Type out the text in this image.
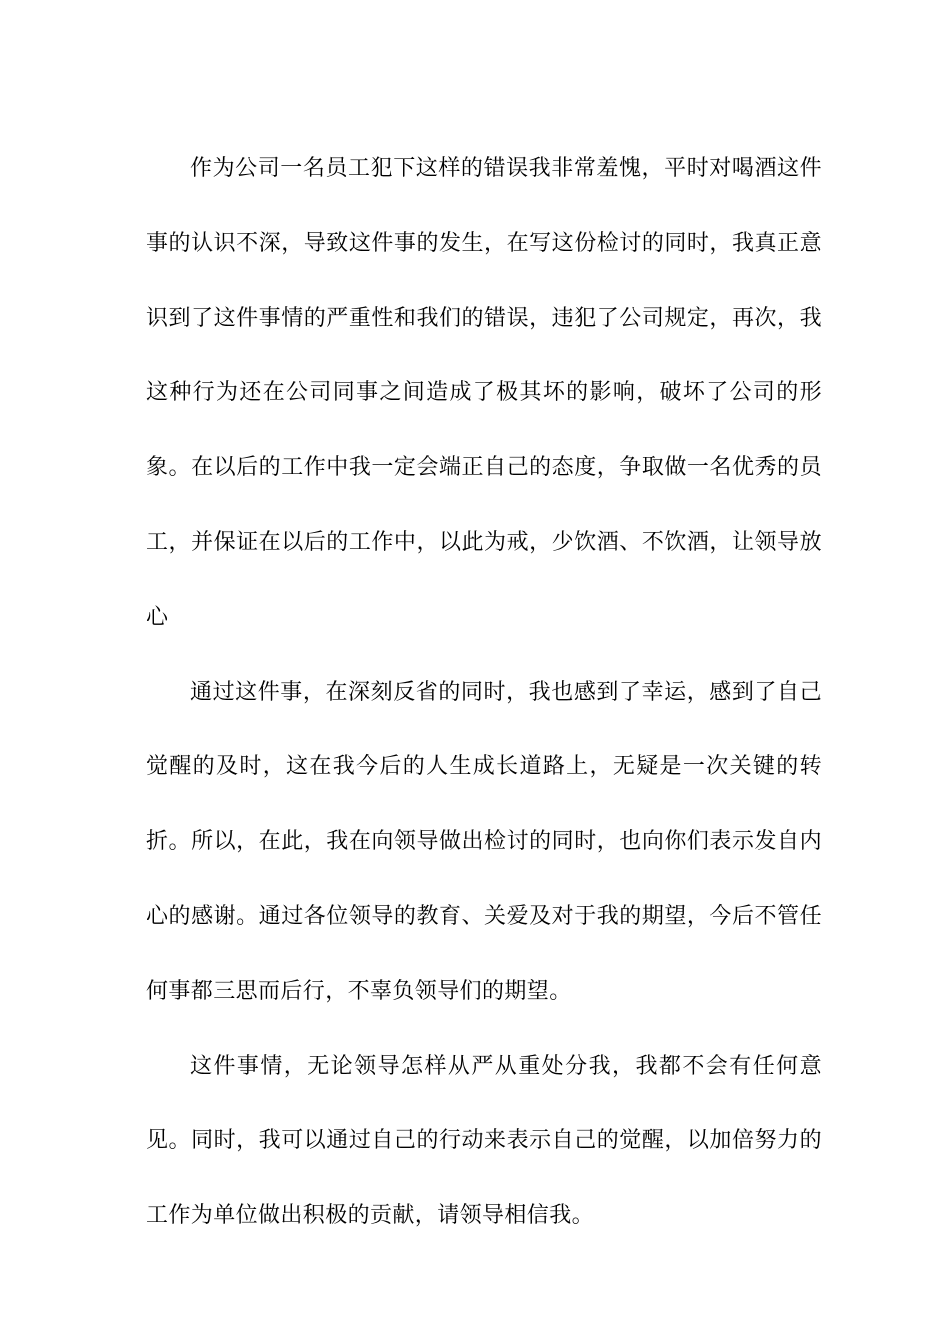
作为公司一名员工犯下这样的错误我非常羞愧，平时对喝酒这件事的认识不深，导致这件事的发生，在写这份检讨的同时，我真正意识到了这件事情的严重性和我们的错误，违犯了公司规定，再次，我这种行为还在公司同事之间造成了极其坏的影响，破坏了公司的形象。在以后的工作中我一定会端正自己的态度，争取做一名优秀的员工，并保证在以后的工作中，以此为戒，少饮酒、不饮酒，让领导放心

通过这件事，在深刻反省的同时，我也感到了幸运，感到了自己觉醒的及时，这在我今后的人生成长道路上，无疑是一次关键的转折。所以，在此，我在向领导做出检讨的同时，也向你们表示发自内心的感谢。通过各位领导的教育、关爱及对于我的期望，今后不管任何事都三思而后行，不辜负领导们的期望。

这件事情，无论领导怎样从严从重处分我，我都不会有任何意见。同时，我可以通过自己的行动来表示自己的觉醒，以加倍努力的工作为单位做出积极的贡献，请领导相信我。
